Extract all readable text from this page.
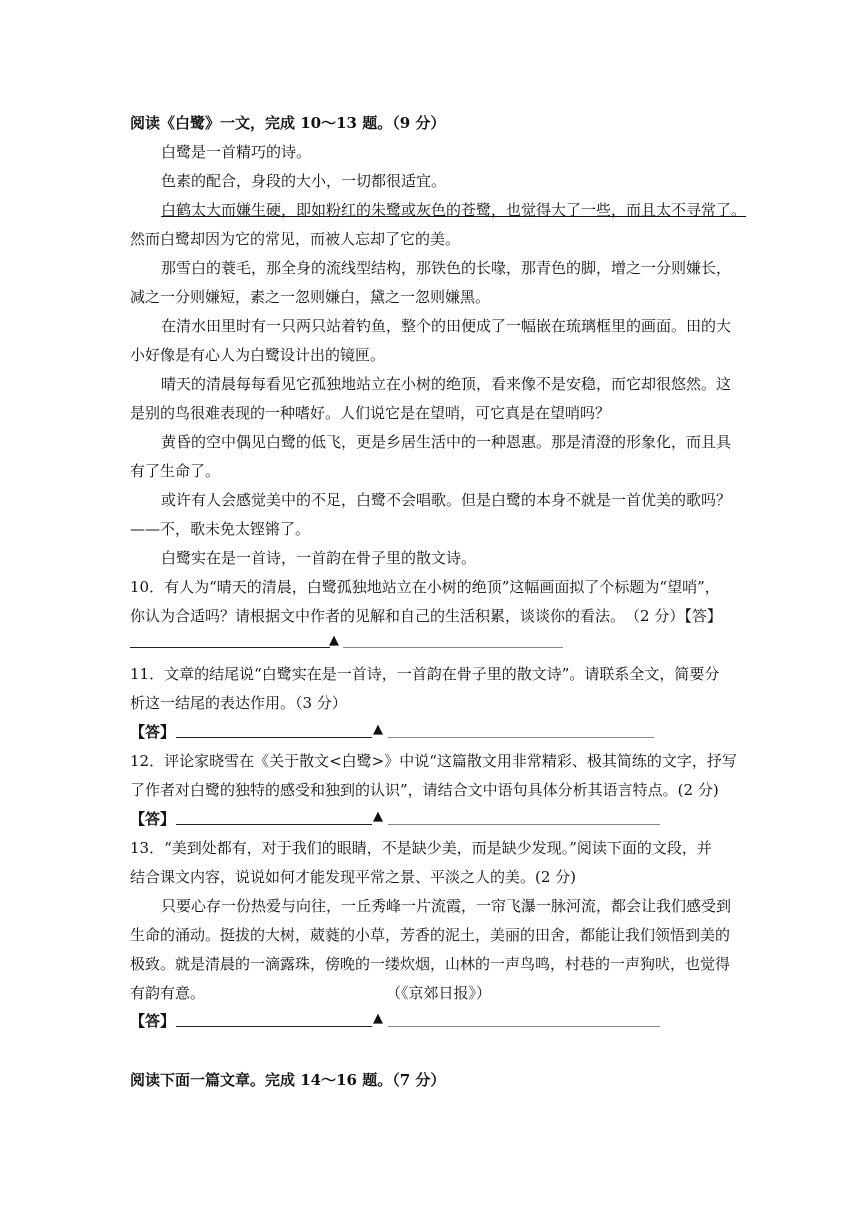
阅读《白鹭》一文，完成 10～13 题。（9 分）
白鹭是一首精巧的诗。
色素的配合，身段的大小，一切都很适宜。
白鹤太大而嫌生硬，即如粉红的朱鹭或灰色的苍鹭，也觉得大了一些，而且太不寻常了。
然而白鹭却因为它的常见，而被人忘却了它的美。
那雪白的蓑毛，那全身的流线型结构，那铁色的长喙，那青色的脚，增之一分则嫌长，
减之一分则嫌短，素之一忽则嫌白，黛之一忽则嫌黑。
在清水田里时有一只两只站着钓鱼，整个的田便成了一幅嵌在琉璃框里的画面。田的大
小好像是有心人为白鹭设计出的镜匣。
晴天的清晨每每看见它孤独地站立在小树的绝顶，看来像不是安稳，而它却很悠然。这
是别的鸟很难表现的一种嗜好。人们说它是在望哨，可它真是在望哨吗？
黄昏的空中偶见白鹭的低飞，更是乡居生活中的一种恩惠。那是清澄的形象化，而且具
有了生命了。
或许有人会感觉美中的不足，白鹭不会唱歌。但是白鹭的本身不就是一首优美的歌吗？
——不，歌未免太铿锵了。
白鹭实在是一首诗，一首韵在骨子里的散文诗。
10．有人为“晴天的清晨，白鹭孤独地站立在小树的绝顶”这幅画面拟了个标题为“望哨”，
你认为合适吗？请根据文中作者的见解和自己的生活积累，谈谈你的看法。　（2 分）【答】
▲
11．文章的结尾说“白鹭实在是一首诗，一首韵在骨子里的散文诗”。请联系全文，简要分
析这一结尾的表达作用。（3 分）
【答】	▲
12．评论家晓雪在《关于散文<白鹭>》中说“这篇散文用非常精彩、极其简练的文字，抒写
了作者对白鹭的独特的感受和独到的认识”，请结合文中语句具体分析其语言特点。(2 分)
【答】	▲
13．“美到处都有，对于我们的眼睛，不是缺少美，而是缺少发现。”阅读下面的文段，并
结合课文内容，说说如何才能发现平常之景、平淡之人的美。(2 分)
只要心存一份热爱与向往，一丘秀峰一片流霞，一帘飞瀑一脉河流，都会让我们感受到
生命的涌动。挺拔的大树，葳蕤的小草，芳香的泥土，美丽的田舍，都能让我们领悟到美的
极致。就是清晨的一滴露珠，傍晚的一缕炊烟，山林的一声鸟鸣，村巷的一声狗吠，也觉得
有韵有意。	（《京郊日报》）
【答】	▲
阅读下面一篇文章。完成 14～16 题。（7 分）
